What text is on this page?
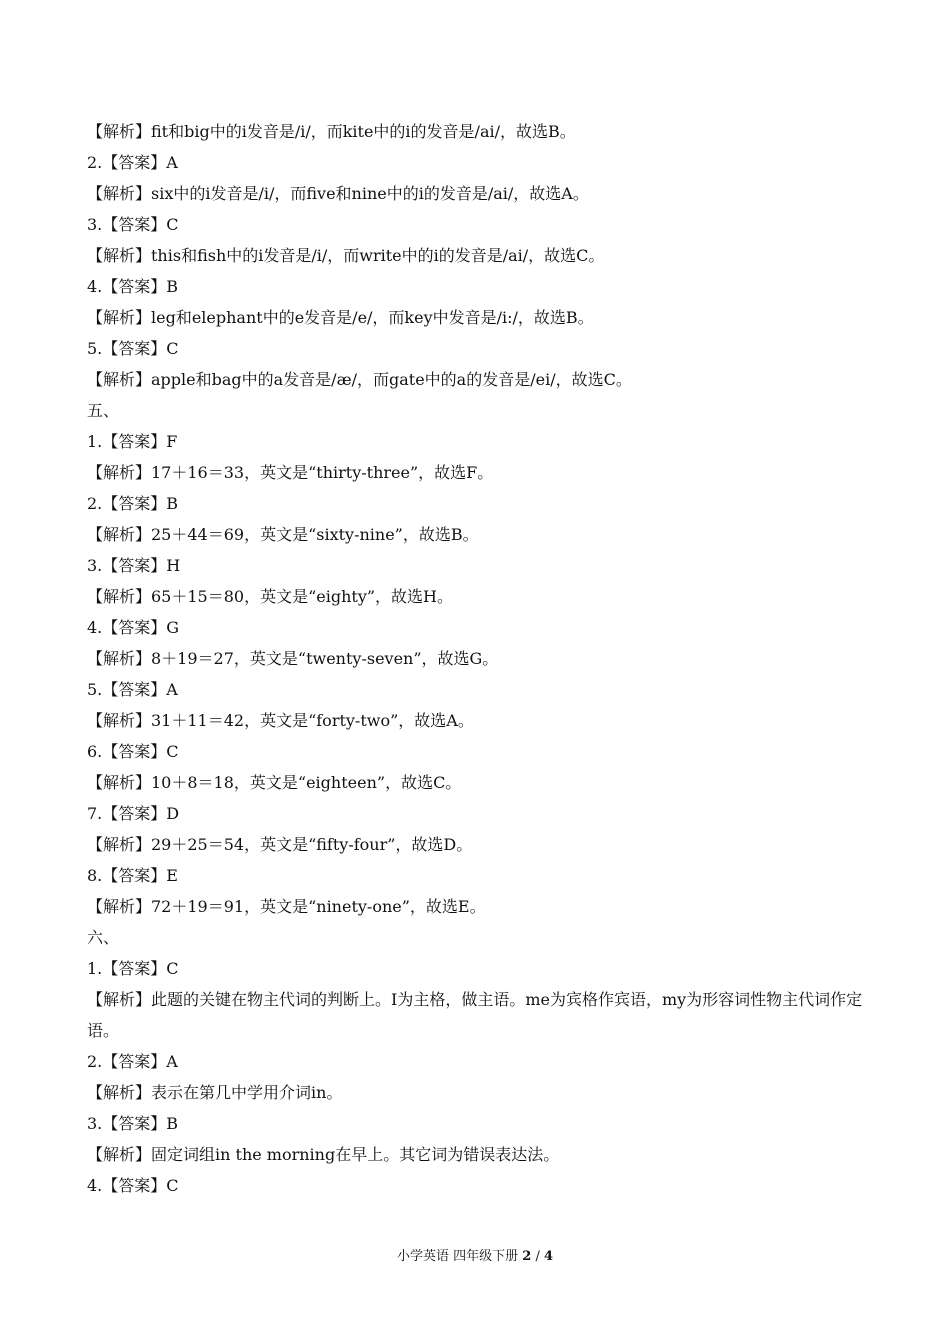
【解析】fit和big中的i发音是/i/，而kite中的i的发音是/ai/，故选B。
2.【答案】A
【解析】six中的i发音是/i/，而five和nine中的i的发音是/ai/，故选A。
3.【答案】C
【解析】this和fish中的i发音是/i/，而write中的i的发音是/ai/，故选C。
4.【答案】B
【解析】leg和elephant中的e发音是/e/，而key中发音是/i:/，故选B。
5.【答案】C
【解析】apple和bag中的a发音是/æ/，而gate中的a的发音是/ei/，故选C。
五、
1.【答案】F
【解析】17＋16＝33，英文是“thirty-three”，故选F。
2.【答案】B
【解析】25＋44＝69，英文是“sixty-nine”，故选B。
3.【答案】H
【解析】65＋15＝80，英文是“eighty”，故选H。
4.【答案】G
【解析】8＋19＝27，英文是“twenty-seven”，故选G。
5.【答案】A
【解析】31＋11＝42，英文是“forty-two”，故选A。
6.【答案】C
【解析】10＋8＝18，英文是“eighteen”，故选C。
7.【答案】D
【解析】29＋25＝54，英文是“fifty-four”，故选D。
8.【答案】E
【解析】72＋19＝91，英文是“ninety-one”，故选E。
六、
1.【答案】C
【解析】此题的关键在物主代词的判断上。I为主格，做主语。me为宾格作宾语，my为形容词性物主代词作定语。
2.【答案】A
【解析】表示在第几中学用介词in。
3.【答案】B
【解析】固定词组in the morning在早上。其它词为错误表达法。
4.【答案】C
小学英语 四年级下册 2 / 4
